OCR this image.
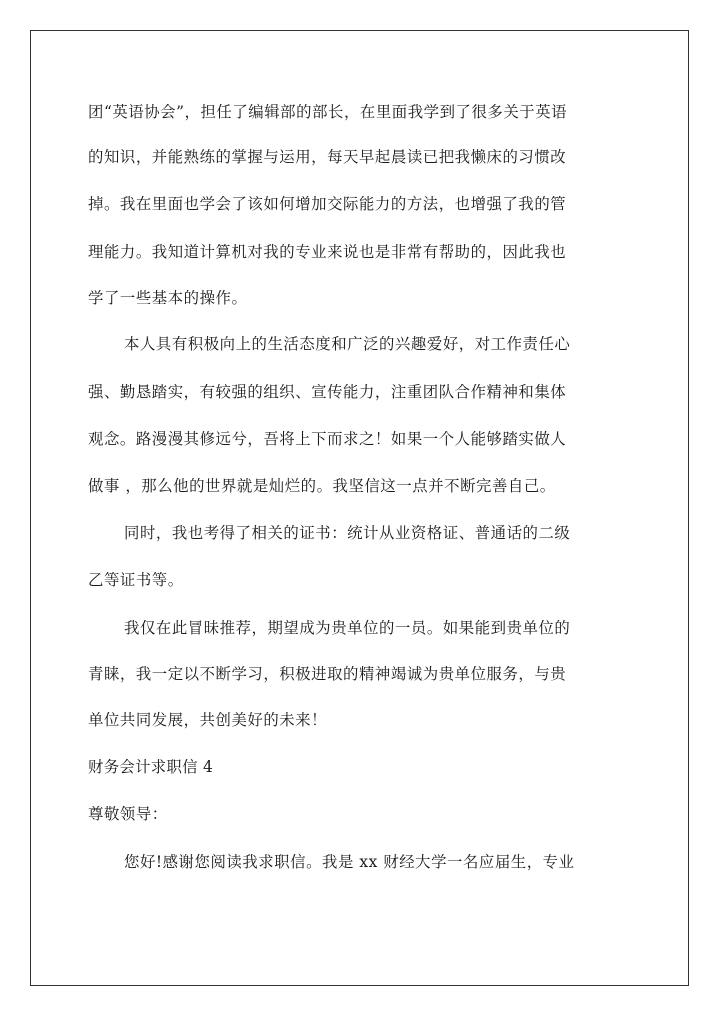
团“英语协会”，担任了编辑部的部长，在里面我学到了很多关于英语
的知识，并能熟练的掌握与运用，每天早起晨读已把我懒床的习惯改
掉。我在里面也学会了该如何增加交际能力的方法，也增强了我的管
理能力。我知道计算机对我的专业来说也是非常有帮助的，因此我也
学了一些基本的操作。
本人具有积极向上的生活态度和广泛的兴趣爱好，对工作责任心
强、勤恳踏实，有较强的组织、宣传能力，注重团队合作精神和集体
观念。路漫漫其修远兮，吾将上下而求之！如果一个人能够踏实做人
做事 ，那么他的世界就是灿烂的。我坚信这一点并不断完善自己。
同时，我也考得了相关的证书：统计从业资格证、普通话的二级
乙等证书等。
我仅在此冒昧推荐，期望成为贵单位的一员。如果能到贵单位的
青睐，我一定以不断学习，积极进取的精神竭诚为贵单位服务，与贵
单位共同发展，共创美好的未来！
财务会计求职信 4
尊敬领导：
您好!感谢您阅读我求职信。我是 xx 财经大学一名应届生，专业
